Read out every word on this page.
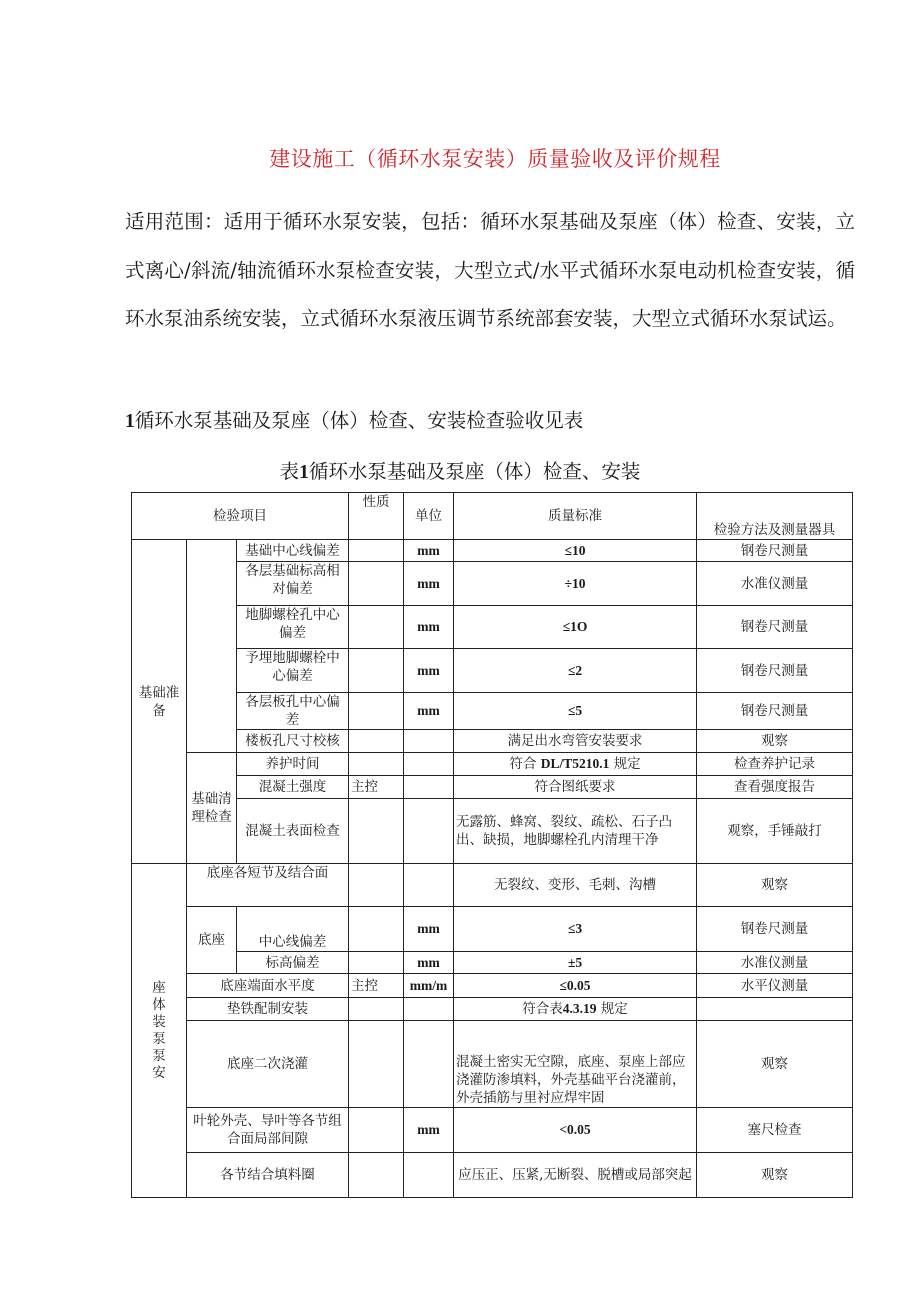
建设施工（循环水泵安装）质量验收及评价规程
适用范围：适用于循环水泵安装，包括：循环水泵基础及泵座（体）检查、安装，立式离心/斜流/轴流循环水泵检查安装，大型立式/水平式循环水泵电动机检查安装，循环水泵油系统安装，立式循环水泵液压调节系统部套安装，大型立式循环水泵试运。
1循环水泵基础及泵座（体）检查、安装检查验收见表
表1循环水泵基础及泵座（体）检查、安装
检验项目			性质	单位	质量标准	检验方法及测量器具
基础准
备		基础中心线偏差		mm	≤10	钢卷尺测量
		各层基础标高相对偏差		mm	÷10	水准仪测量
		地脚螺栓孔中心偏差		mm	≤1O	钢卷尺测量
		予埋地脚螺栓中心偏差		mm	≤2	钢卷尺测量
		各层板孔中心偏差		mm	≤5	钢卷尺测量
		楼板孔尺寸校核			满足出水弯管安装要求	观察
	基础清理检查	养护时间			符合 DL/T5210.1 规定	检查养护记录
		混凝土强度	主控		符合图纸要求	查看强度报告
		混凝土表面检查			无露筋、蜂窝、裂纹、疏松、石子凸出、缺损，地脚螺栓孔内清理干净	观察，手锤敲打

座体装泵泵安	底座各短节及结合面				无裂纹、变形、毛刺、沟槽	观察
	底座	中心线偏差		mm	≤3	钢卷尺测量
		标高偏差		mm	±5	水准仪测量
	底座端面水平度		主控	mm/m	≤0.05	水平仪测量
	垫铁配制安装				符合表4.3.19 规定	
	底座二次浇灌				混凝土密实无空隙，底座、泵座上部应浇灌防渗填料，外壳基础平台浇灌前，外壳插筋与里衬应焊牢固	观察
	叶轮外壳、导叶等各节组合面局部间隙			mm	<0.05	塞尺检查
	各节结合填料圈				应压正、压紧,无断裂、脱槽或局部突起	观察
